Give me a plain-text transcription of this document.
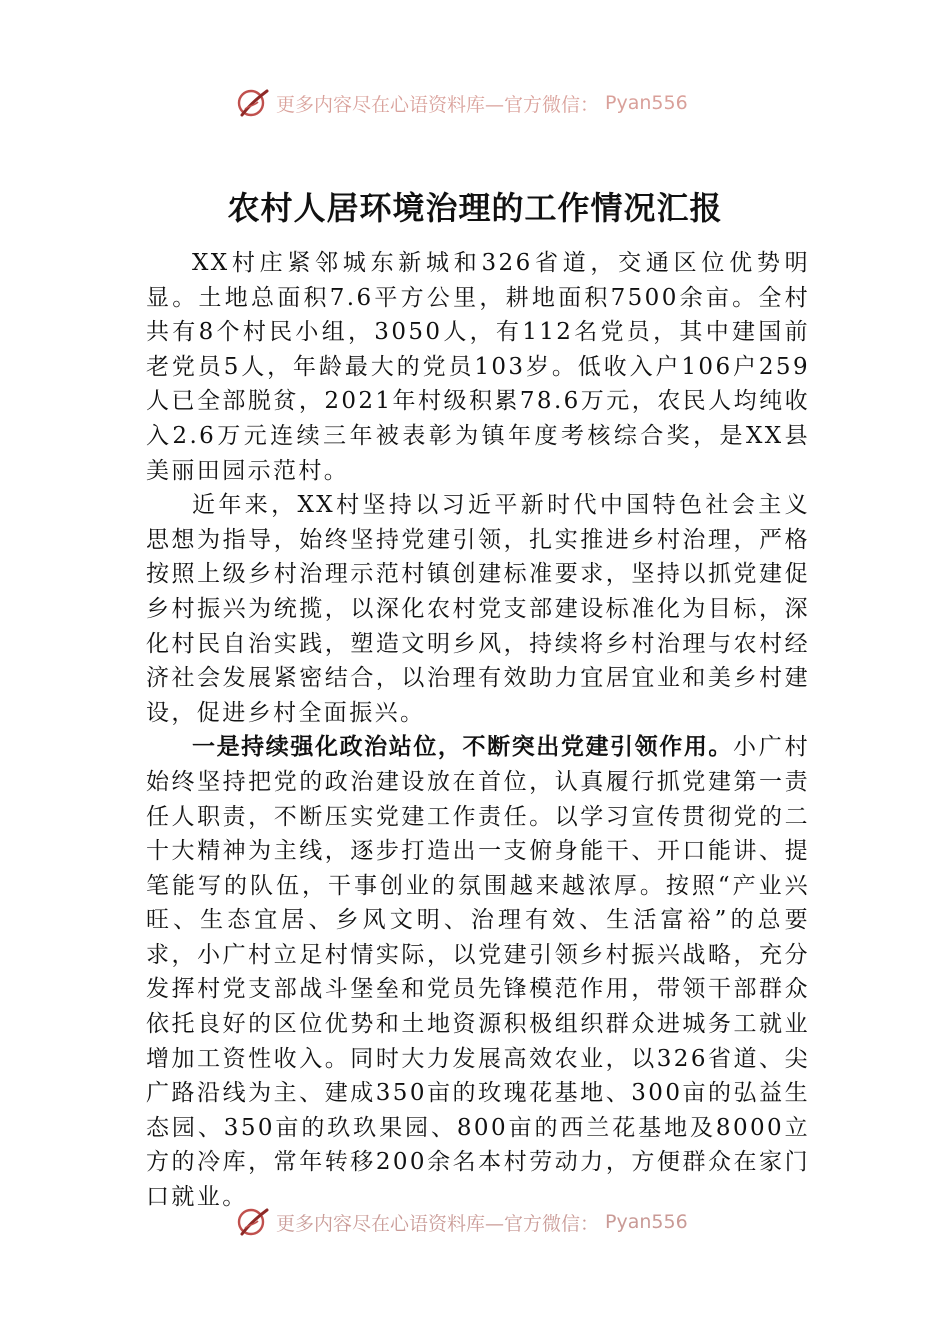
更多内容尽在心语资料库—官方微信： Pyan556
农村人居环境治理的工作情况汇报

XX村庄紧邻城东新城和326省道，交通区位优势明显。土地总面积7.6平方公里，耕地面积7500余亩。全村共有8个村民小组，3050人，有112名党员，其中建国前老党员5人，年龄最大的党员103岁。低收入户106户259人已全部脱贫，2021年村级积累78.6万元，农民人均纯收入2.6万元连续三年被表彰为镇年度考核综合奖，是XX县美丽田园示范村。

近年来，XX村坚持以习近平新时代中国特色社会主义思想为指导，始终坚持党建引领，扎实推进乡村治理，严格按照上级乡村治理示范村镇创建标准要求，坚持以抓党建促乡村振兴为统揽，以深化农村党支部建设标准化为目标，深化村民自治实践，塑造文明乡风，持续将乡村治理与农村经济社会发展紧密结合，以治理有效助力宜居宜业和美乡村建设，促进乡村全面振兴。

一是持续强化政治站位，不断突出党建引领作用。小广村始终坚持把党的政治建设放在首位，认真履行抓党建第一责任人职责，不断压实党建工作责任。以学习宣传贯彻党的二十大精神为主线，逐步打造出一支俯身能干、开口能讲、提笔能写的队伍，干事创业的氛围越来越浓厚。按照“产业兴旺、生态宜居、乡风文明、治理有效、生活富裕”的总要求，小广村立足村情实际，以党建引领乡村振兴战略，充分发挥村党支部战斗堡垒和党员先锋模范作用，带领干部群众依托良好的区位优势和土地资源积极组织群众进城务工就业增加工资性收入。同时大力发展高效农业，以326省道、尖广路沿线为主、建成350亩的玫瑰花基地、300亩的弘益生态园、350亩的玖玖果园、800亩的西兰花基地及8000立方的冷库，常年转移200余名本村劳动力，方便群众在家门口就业。

更多内容尽在心语资料库—官方微信： Pyan556
